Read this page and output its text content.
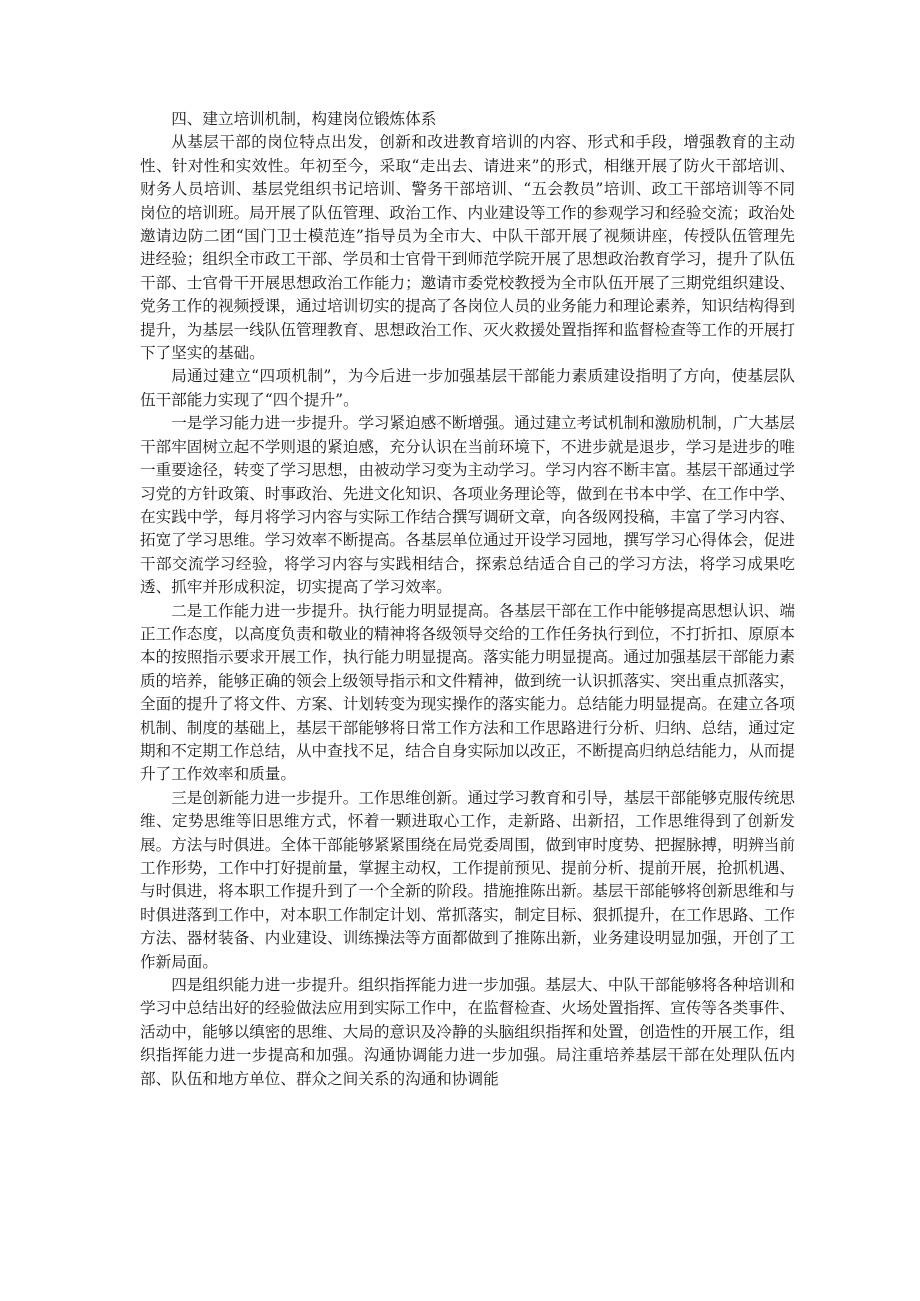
四、建立培训机制，构建岗位锻炼体系

从基层干部的岗位特点出发，创新和改进教育培训的内容、形式和手段，增强教育的主动性、针对性和实效性。年初至今，采取“走出去、请进来”的形式，相继开展了防火干部培训、财务人员培训、基层党组织书记培训、警务干部培训、“五会教员”培训、政工干部培训等不同岗位的培训班。局开展了队伍管理、政治工作、内业建设等工作的参观学习和经验交流；政治处邀请边防二团“国门卫士模范连”指导员为全市大、中队干部开展了视频讲座，传授队伍管理先进经验；组织全市政工干部、学员和士官骨干到师范学院开展了思想政治教育学习，提升了队伍干部、士官骨干开展思想政治工作能力；邀请市委党校教授为全市队伍开展了三期党组织建设、党务工作的视频授课，通过培训切实的提高了各岗位人员的业务能力和理论素养，知识结构得到提升，为基层一线队伍管理教育、思想政治工作、灭火救援处置指挥和监督检查等工作的开展打下了坚实的基础。

局通过建立“四项机制”，为今后进一步加强基层干部能力素质建设指明了方向，使基层队伍干部能力实现了“四个提升”。

一是学习能力进一步提升。学习紧迫感不断增强。通过建立考试机制和激励机制，广大基层干部牢固树立起不学则退的紧迫感，充分认识在当前环境下，不进步就是退步，学习是进步的唯一重要途径，转变了学习思想，由被动学习变为主动学习。学习内容不断丰富。基层干部通过学习党的方针政策、时事政治、先进文化知识、各项业务理论等，做到在书本中学、在工作中学、在实践中学，每月将学习内容与实际工作结合撰写调研文章，向各级网投稿，丰富了学习内容、拓宽了学习思维。学习效率不断提高。各基层单位通过开设学习园地，撰写学习心得体会，促进干部交流学习经验，将学习内容与实践相结合，探索总结适合自己的学习方法，将学习成果吃透、抓牢并形成积淀，切实提高了学习效率。

二是工作能力进一步提升。执行能力明显提高。各基层干部在工作中能够提高思想认识、端正工作态度，以高度负责和敬业的精神将各级领导交给的工作任务执行到位，不打折扣、原原本本的按照指示要求开展工作，执行能力明显提高。落实能力明显提高。通过加强基层干部能力素质的培养，能够正确的领会上级领导指示和文件精神，做到统一认识抓落实、突出重点抓落实，全面的提升了将文件、方案、计划转变为现实操作的落实能力。总结能力明显提高。在建立各项机制、制度的基础上，基层干部能够将日常工作方法和工作思路进行分析、归纳、总结，通过定期和不定期工作总结，从中查找不足，结合自身实际加以改正，不断提高归纳总结能力，从而提升了工作效率和质量。

三是创新能力进一步提升。工作思维创新。通过学习教育和引导，基层干部能够克服传统思维、定势思维等旧思维方式，怀着一颗进取心工作，走新路、出新招，工作思维得到了创新发展。方法与时俱进。全体干部能够紧紧围绕在局党委周围，做到审时度势、把握脉搏，明辨当前工作形势，工作中打好提前量，掌握主动权，工作提前预见、提前分析、提前开展，抢抓机遇、与时俱进，将本职工作提升到了一个全新的阶段。措施推陈出新。基层干部能够将创新思维和与时俱进落到工作中，对本职工作制定计划、常抓落实，制定目标、狠抓提升，在工作思路、工作方法、器材装备、内业建设、训练操法等方面都做到了推陈出新，业务建设明显加强，开创了工作新局面。

四是组织能力进一步提升。组织指挥能力进一步加强。基层大、中队干部能够将各种培训和学习中总结出好的经验做法应用到实际工作中，在监督检查、火场处置指挥、宣传等各类事件、活动中，能够以缜密的思维、大局的意识及冷静的头脑组织指挥和处置，创造性的开展工作，组织指挥能力进一步提高和加强。沟通协调能力进一步加强。局注重培养基层干部在处理队伍内部、队伍和地方单位、群众之间关系的沟通和协调能
